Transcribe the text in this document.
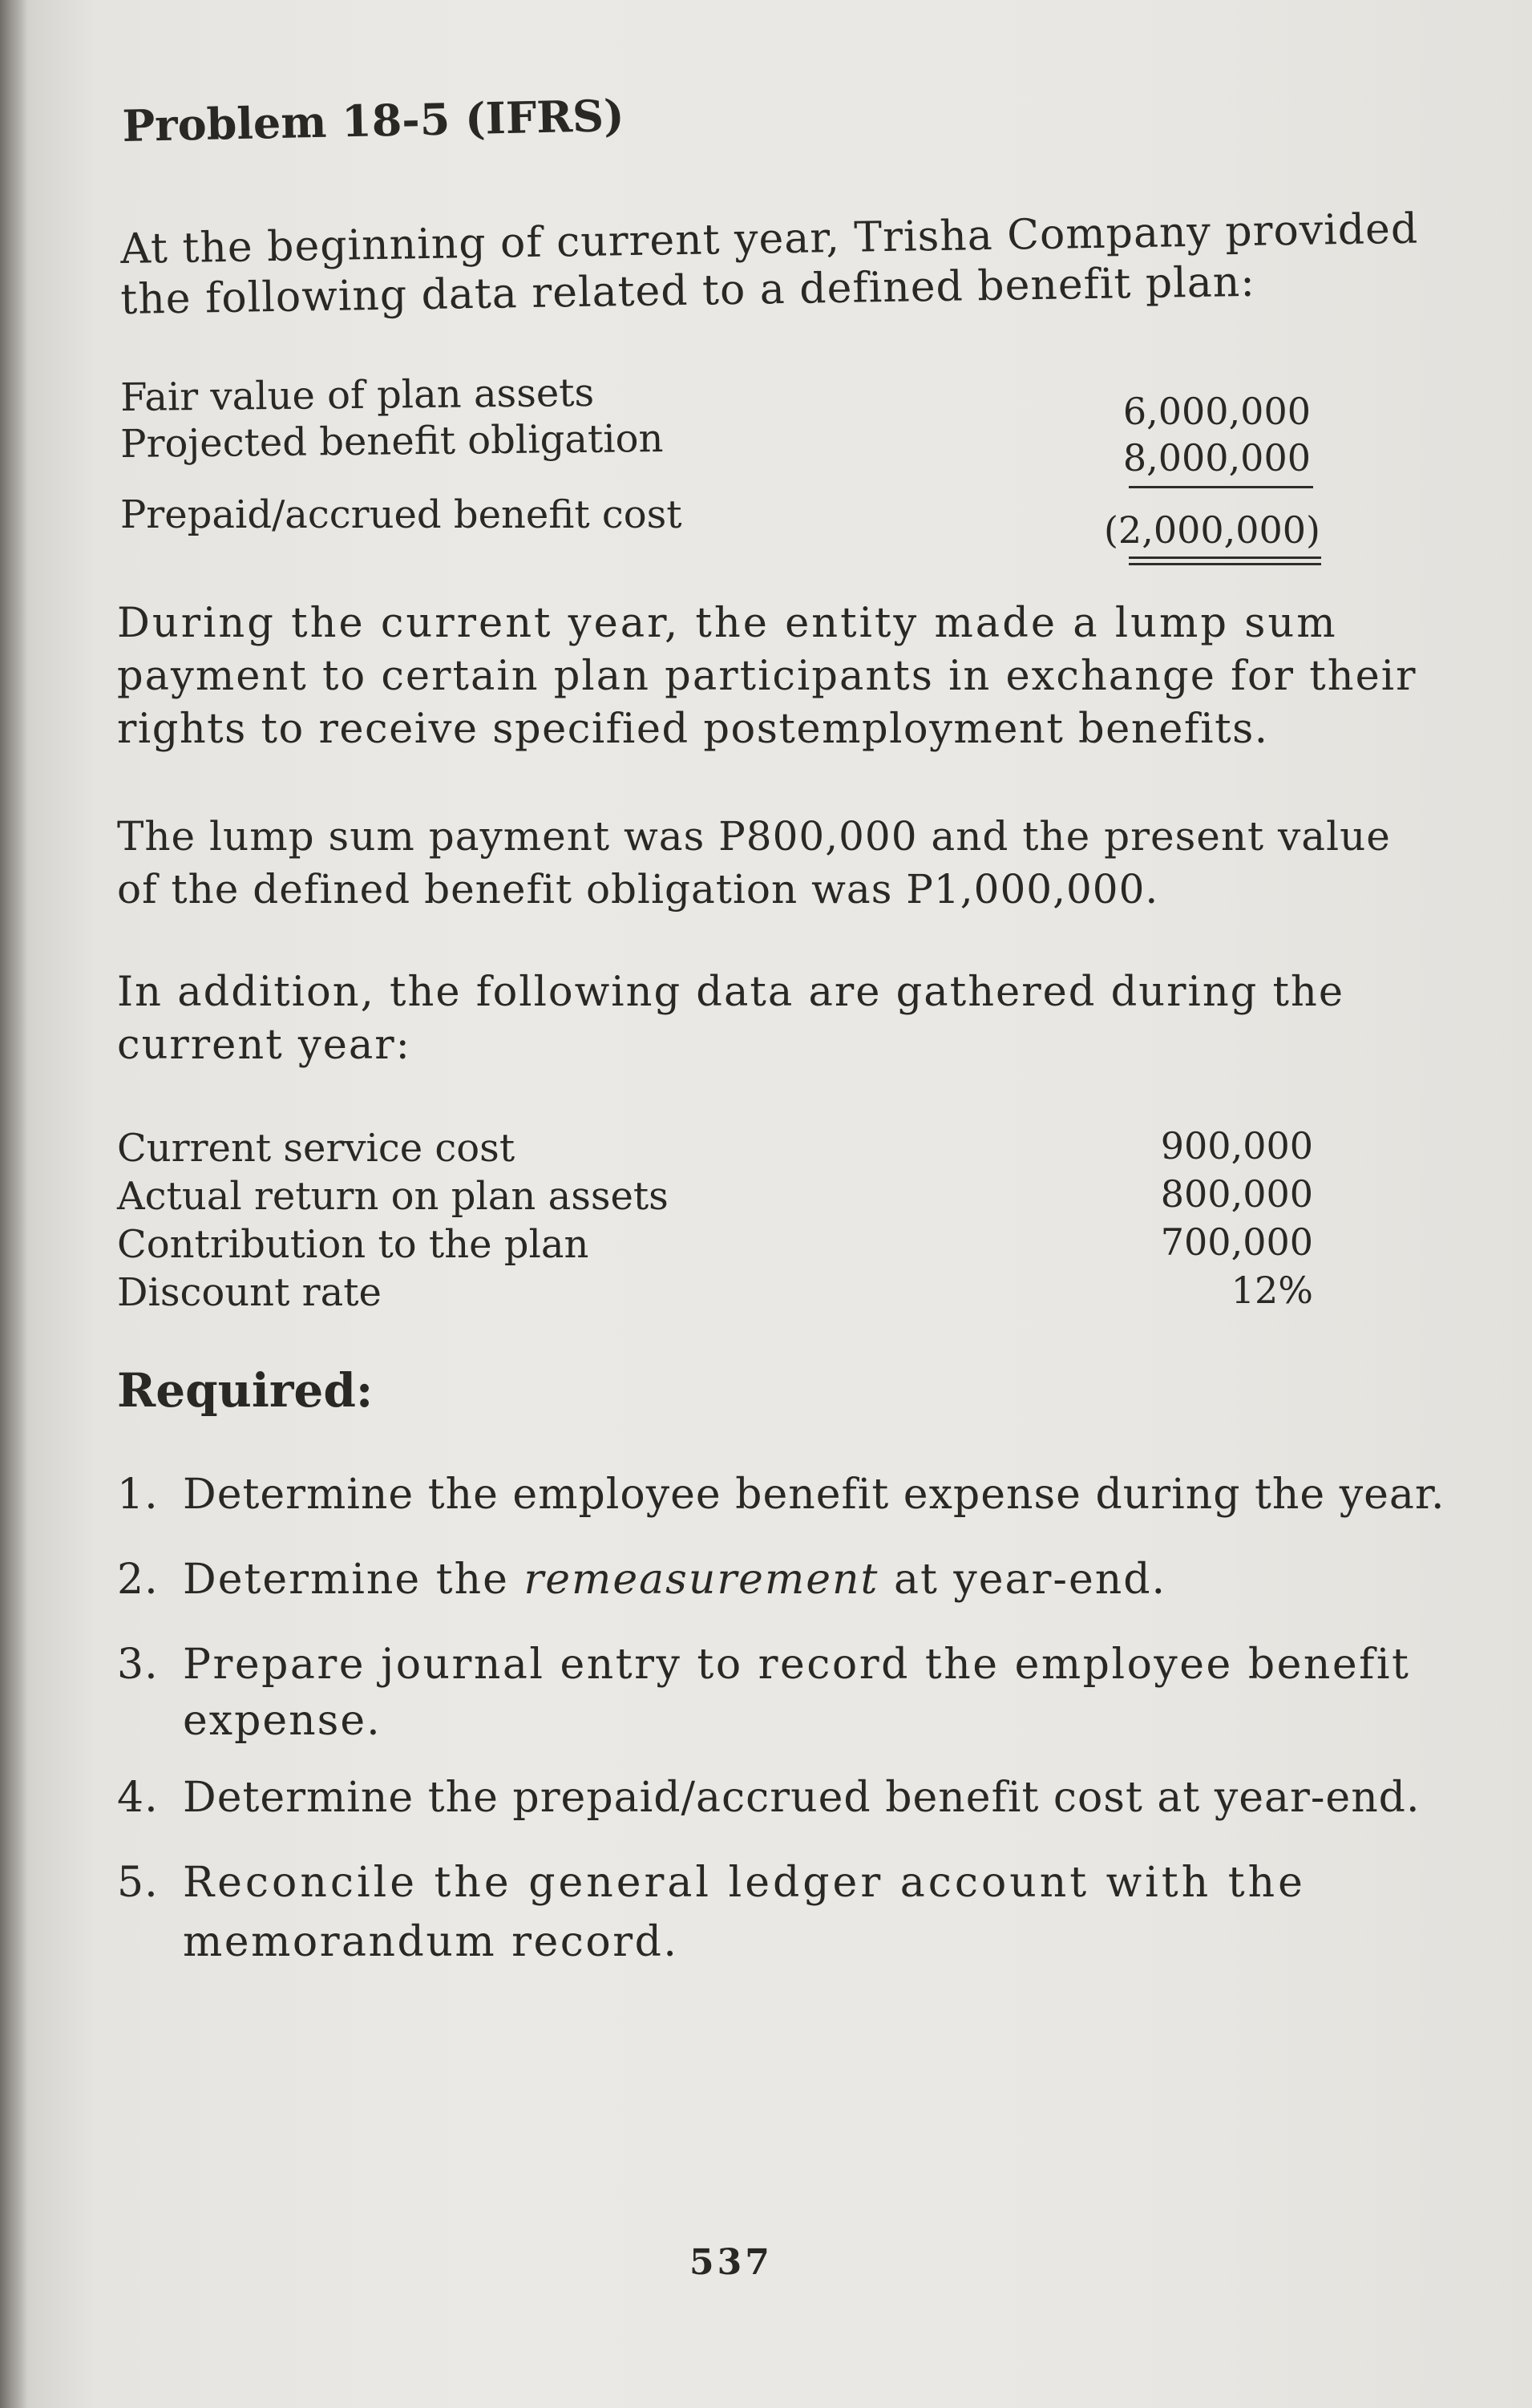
Problem 18-5 (IFRS)
At the beginning of current year, Trisha Company provided
the following data related to a defined benefit plan:
Fair value of plan assets
Projected benefit obligation
Prepaid/accrued benefit cost
6,000,000
8,000,000
(2,000,000)
During the current year, the entity made a lump sum
payment to certain plan participants in exchange for their
rights to receive specified postemployment benefits.
The lump sum payment was P800,000 and the present value
of the defined benefit obligation was P1,000,000.
In addition, the following data are gathered during the
current year:
Current service cost
Actual return on plan assets
Contribution to the plan
Discount rate
900,000
800,000
700,000
12%
Required:
1. Determine the employee benefit expense during the year.
2. Determine the remeasurement at year-end.
3. Prepare journal entry to record the employee benefit
expense.
4. Determine the prepaid/accrued benefit cost at year-end.
5. Reconcile the general ledger account with the
memorandum record.
537
